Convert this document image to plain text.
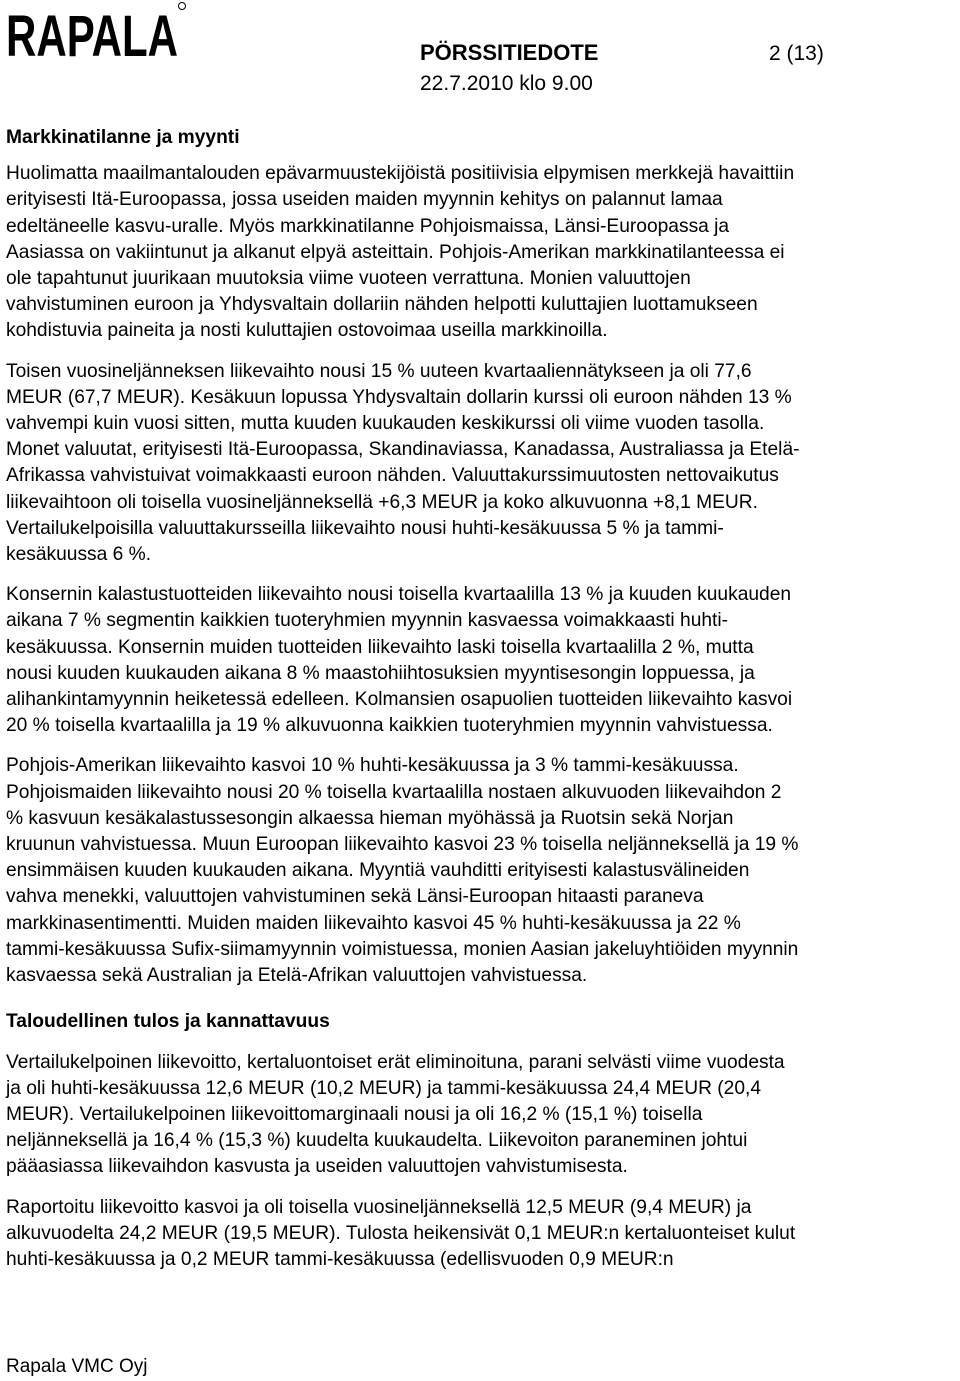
RAPALA	PÖRSSITIEDOTE
22.7.2010 klo 9.00
2 (13)
Markkinatilanne ja myynti
Huolimatta maailmantalouden epävarmuustekijöistä positiivisia elpymisen merkkejä havaittiin
erityisesti Itä-Euroopassa, jossa useiden maiden myynnin kehitys on palannut lamaa
edeltäneelle kasvu-uralle. Myös markkinatilanne Pohjoismaissa, Länsi-Euroopassa ja
Aasiassa on vakiintunut ja alkanut elpyä asteittain. Pohjois-Amerikan markkinatilanteessa ei
ole tapahtunut juurikaan muutoksia viime vuoteen verrattuna. Monien valuuttojen
vahvistuminen euroon ja Yhdysvaltain dollariin nähden helpotti kuluttajien luottamukseen
kohdistuvia paineita ja nosti kuluttajien ostovoimaa useilla markkinoilla.
Toisen vuosineljänneksen liikevaihto nousi 15 % uuteen kvartaaliennätykseen ja oli 77,6
MEUR (67,7 MEUR). Kesäkuun lopussa Yhdysvaltain dollarin kurssi oli euroon nähden 13 %
vahvempi kuin vuosi sitten, mutta kuuden kuukauden keskikurssi oli viime vuoden tasolla.
Monet valuutat, erityisesti Itä-Euroopassa, Skandinaviassa, Kanadassa, Australiassa ja Etelä-
Afrikassa vahvistuivat voimakkaasti euroon nähden. Valuuttakurssimuutosten nettovaikutus
liikevaihtoon oli toisella vuosineljänneksellä +6,3 MEUR ja koko alkuvuonna +8,1 MEUR.
Vertailukelpoisilla valuuttakursseilla liikevaihto nousi huhti-kesäkuussa 5 % ja tammi-
kesäkuussa 6 %.
Konsernin kalastustuotteiden liikevaihto nousi toisella kvartaalilla 13 % ja kuuden kuukauden
aikana 7 % segmentin kaikkien tuoteryhmien myynnin kasvaessa voimakkaasti huhti-
kesäkuussa. Konsernin muiden tuotteiden liikevaihto laski toisella kvartaalilla 2 %, mutta
nousi kuuden kuukauden aikana 8 % maastohiihtosuksien myyntisesongin loppuessa, ja
alihankintamyynnin heiketessä edelleen. Kolmansien osapuolien tuotteiden liikevaihto kasvoi
20 % toisella kvartaalilla ja 19 % alkuvuonna kaikkien tuoteryhmien myynnin vahvistuessa.
Pohjois-Amerikan liikevaihto kasvoi 10 % huhti-kesäkuussa ja 3 % tammi-kesäkuussa.
Pohjoismaiden liikevaihto nousi 20 % toisella kvartaalilla nostaen alkuvuoden liikevaihdon 2
% kasvuun kesäkalastussesongin alkaessa hieman myöhässä ja Ruotsin sekä Norjan
kruunun vahvistuessa. Muun Euroopan liikevaihto kasvoi 23 % toisella neljänneksellä ja 19 %
ensimmäisen kuuden kuukauden aikana. Myyntiä vauhditti erityisesti kalastusvälineiden
vahva menekki, valuuttojen vahvistuminen sekä Länsi-Euroopan hitaasti paraneva
markkinasentimentti. Muiden maiden liikevaihto kasvoi 45 % huhti-kesäkuussa ja 22 %
tammi-kesäkuussa Sufix-siimamyynnin voimistuessa, monien Aasian jakeluyhtiöiden myynnin
kasvaessa sekä Australian ja Etelä-Afrikan valuuttojen vahvistuessa.
Taloudellinen tulos ja kannattavuus
Vertailukelpoinen liikevoitto, kertaluontoiset erät eliminoituna, parani selvästi viime vuodesta
ja oli huhti-kesäkuussa 12,6 MEUR (10,2 MEUR) ja tammi-kesäkuussa 24,4 MEUR (20,4
MEUR). Vertailukelpoinen liikevoittomarginaali nousi ja oli 16,2 % (15,1 %) toisella
neljänneksellä ja 16,4 % (15,3 %) kuudelta kuukaudelta. Liikevoiton paraneminen johtui
pääasiassa liikevaihdon kasvusta ja useiden valuuttojen vahvistumisesta.
Raportoitu liikevoitto kasvoi ja oli toisella vuosineljänneksellä 12,5 MEUR (9,4 MEUR) ja
alkuvuodelta 24,2 MEUR (19,5 MEUR). Tulosta heikensivät 0,1 MEUR:n kertaluonteiset kulut
huhti-kesäkuussa ja 0,2 MEUR tammi-kesäkuussa (edellisvuoden 0,9 MEUR:n
Rapala VMC Oyj
